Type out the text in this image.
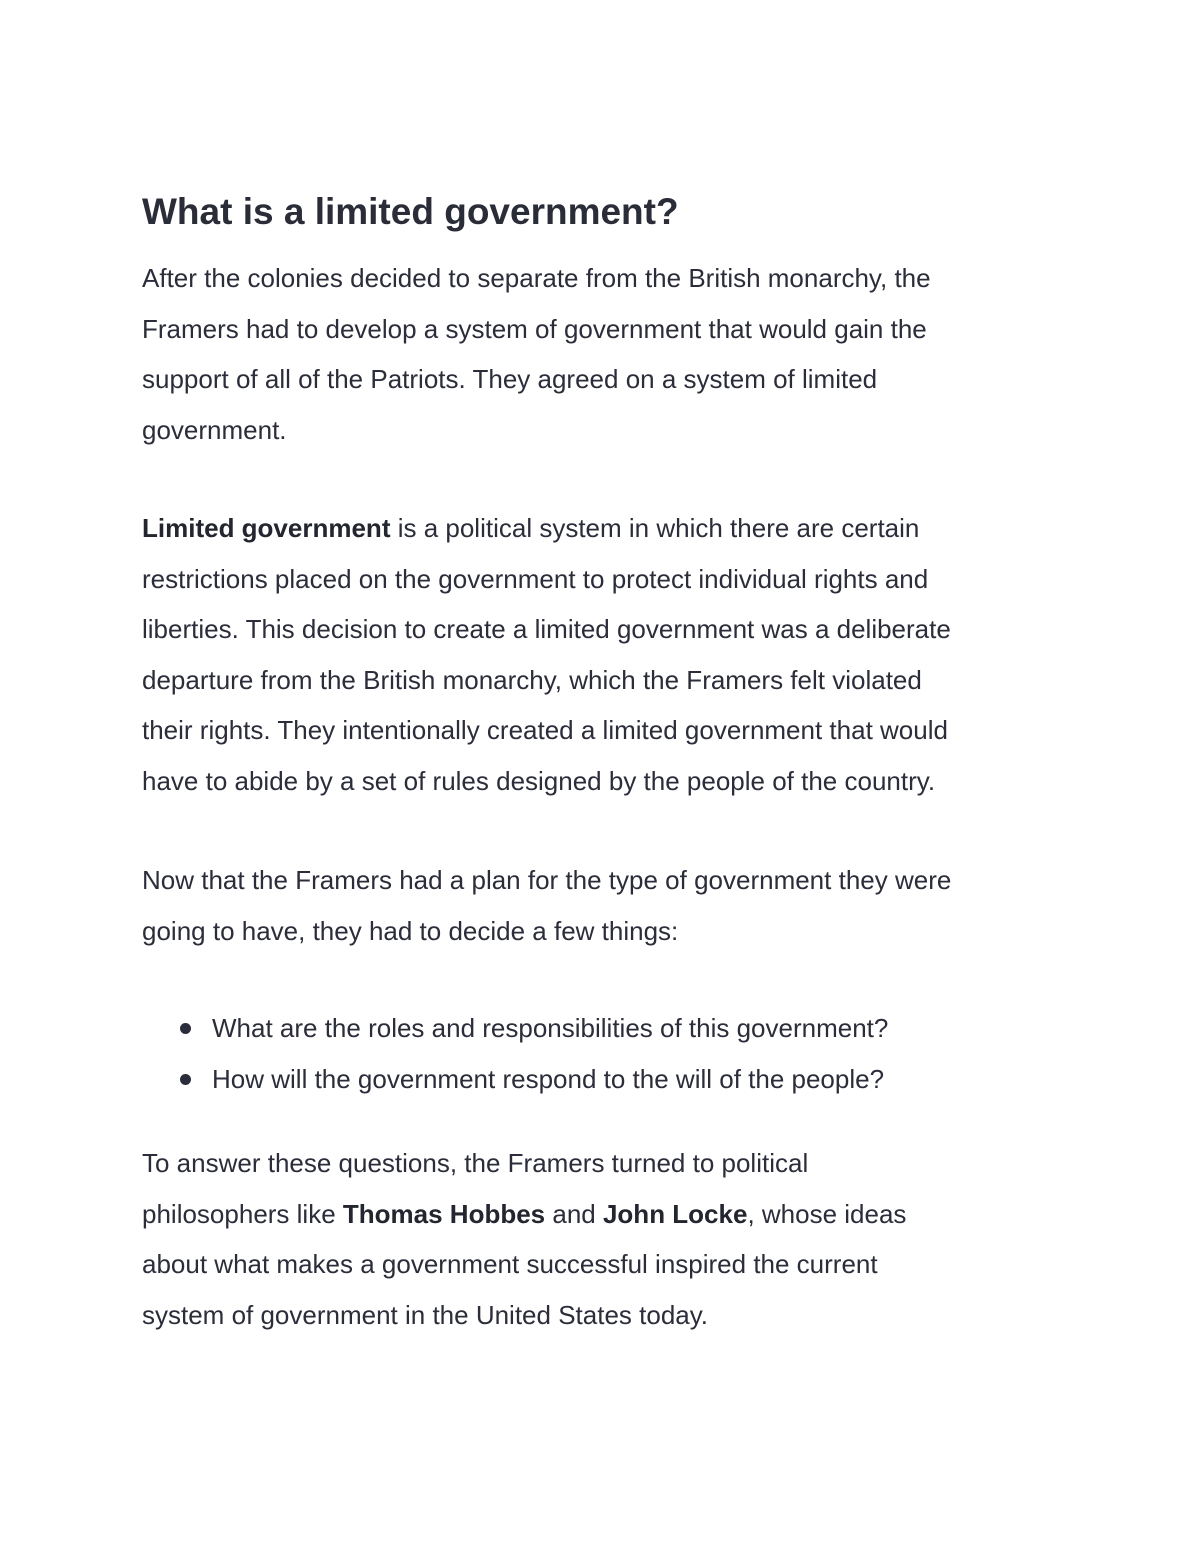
What is a limited government?

After the colonies decided to separate from the British monarchy, the
Framers had to develop a system of government that would gain the
support of all of the Patriots. They agreed on a system of limited
government.

Limited government is a political system in which there are certain
restrictions placed on the government to protect individual rights and
liberties. This decision to create a limited government was a deliberate
departure from the British monarchy, which the Framers felt violated
their rights. They intentionally created a limited government that would
have to abide by a set of rules designed by the people of the country.

Now that the Framers had a plan for the type of government they were
going to have, they had to decide a few things:

What are the roles and responsibilities of this government?
How will the government respond to the will of the people?

To answer these questions, the Framers turned to political
philosophers like Thomas Hobbes and John Locke, whose ideas
about what makes a government successful inspired the current
system of government in the United States today.
